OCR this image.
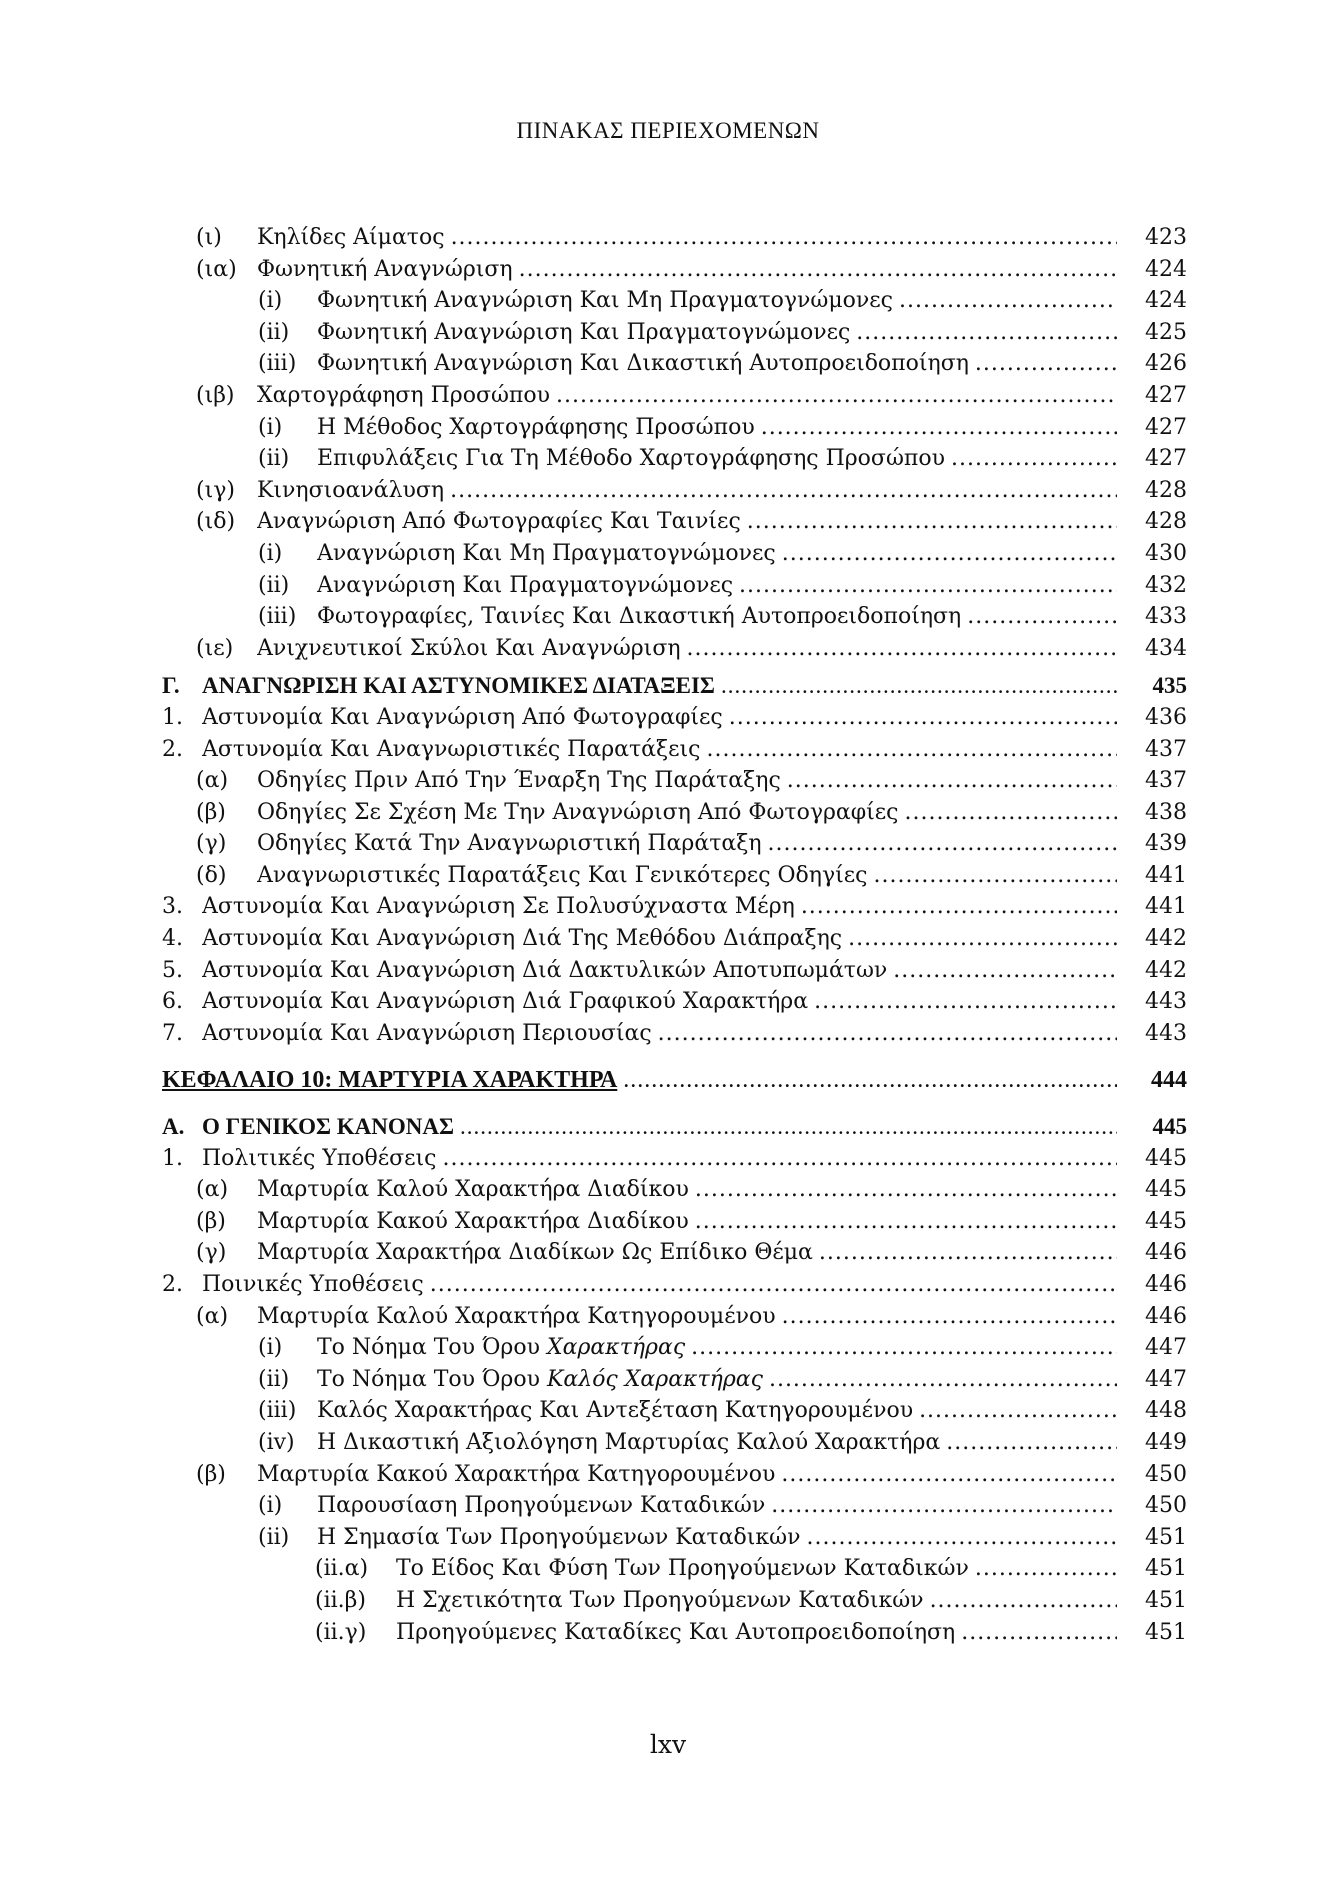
ΠΙΝΑΚΑΣ ΠΕΡΙΕΧΟΜΕΝΩΝ
(ι) Κηλίδες Αίματος .....	423
(ια) Φωνητική Αναγνώριση .....	424
(i) Φωνητική Αναγνώριση Και Μη Πραγματογνώμονες .....	424
(ii) Φωνητική Αναγνώριση Και Πραγματογνώμονες .....	425
(iii) Φωνητική Αναγνώριση Και Δικαστική Αυτοπροειδοποίηση .....	426
(ιβ) Χαρτογράφηση Προσώπου .....	427
(i) Η Μέθοδος Χαρτογράφησης Προσώπου .....	427
(ii) Επιφυλάξεις Για Τη Μέθοδο Χαρτογράφησης Προσώπου .....	427
(ιγ) Κινησιοανάλυση .....	428
(ιδ) Αναγνώριση Από Φωτογραφίες Και Ταινίες .....	428
(i) Αναγνώριση Και Μη Πραγματογνώμονες .....	430
(ii) Αναγνώριση Και Πραγματογνώμονες .....	432
(iii) Φωτογραφίες, Ταινίες Και Δικαστική Αυτοπροειδοποίηση .....	433
(ιε) Ανιχνευτικοί Σκύλοι Και Αναγνώριση .....	434
Γ. ΑΝΑΓΝΩΡΙΣΗ ΚΑΙ ΑΣΤΥΝΟΜΙΚΕΣ ΔΙΑΤΑΞΕΙΣ .....	435
1. Αστυνομία Και Αναγνώριση Από Φωτογραφίες .....	436
2. Αστυνομία Και Αναγνωριστικές Παρατάξεις .....	437
(α) Οδηγίες Πριν Από Την Έναρξη Της Παράταξης .....	437
(β) Οδηγίες Σε Σχέση Με Την Αναγνώριση Από Φωτογραφίες .....	438
(γ) Οδηγίες Κατά Την Αναγνωριστική Παράταξη .....	439
(δ) Αναγνωριστικές Παρατάξεις Και Γενικότερες Οδηγίες .....	441
3. Αστυνομία Και Αναγνώριση Σε Πολυσύχναστα Μέρη .....	441
4. Αστυνομία Και Αναγνώριση Διά Της Μεθόδου Διάπραξης .....	442
5. Αστυνομία Και Αναγνώριση Διά Δακτυλικών Αποτυπωμάτων .....	442
6. Αστυνομία Και Αναγνώριση Διά Γραφικού Χαρακτήρα .....	443
7. Αστυνομία Και Αναγνώριση Περιουσίας .....	443
ΚΕΦΑΛΑΙΟ 10: ΜΑΡΤΥΡΙΑ ΧΑΡΑΚΤΗΡΑ .....	444
Α. Ο ΓΕΝΙΚΟΣ ΚΑΝΟΝΑΣ .....	445
1. Πολιτικές Υποθέσεις .....	445
(α) Μαρτυρία Καλού Χαρακτήρα Διαδίκου .....	445
(β) Μαρτυρία Κακού Χαρακτήρα Διαδίκου .....	445
(γ) Μαρτυρία Χαρακτήρα Διαδίκων Ως Επίδικο Θέμα .....	446
2. Ποινικές Υποθέσεις .....	446
(α) Μαρτυρία Καλού Χαρακτήρα Κατηγορουμένου .....	446
(i) Το Νόημα Του Όρου Χαρακτήρας .....	447
(ii) Το Νόημα Του Όρου Καλός Χαρακτήρας .....	447
(iii) Καλός Χαρακτήρας Και Αντεξέταση Κατηγορουμένου .....	448
(iv) Η Δικαστική Αξιολόγηση Μαρτυρίας Καλού Χαρακτήρα .....	449
(β) Μαρτυρία Κακού Χαρακτήρα Κατηγορουμένου .....	450
(i) Παρουσίαση Προηγούμενων Καταδικών .....	450
(ii) Η Σημασία Των Προηγούμενων Καταδικών .....	451
(ii.α) Το Είδος Και Φύση Των Προηγούμενων Καταδικών .....	451
(ii.β) Η Σχετικότητα Των Προηγούμενων Καταδικών .....	451
(ii.γ) Προηγούμενες Καταδίκες Και Αυτοπροειδοποίηση .....	451
lxv
